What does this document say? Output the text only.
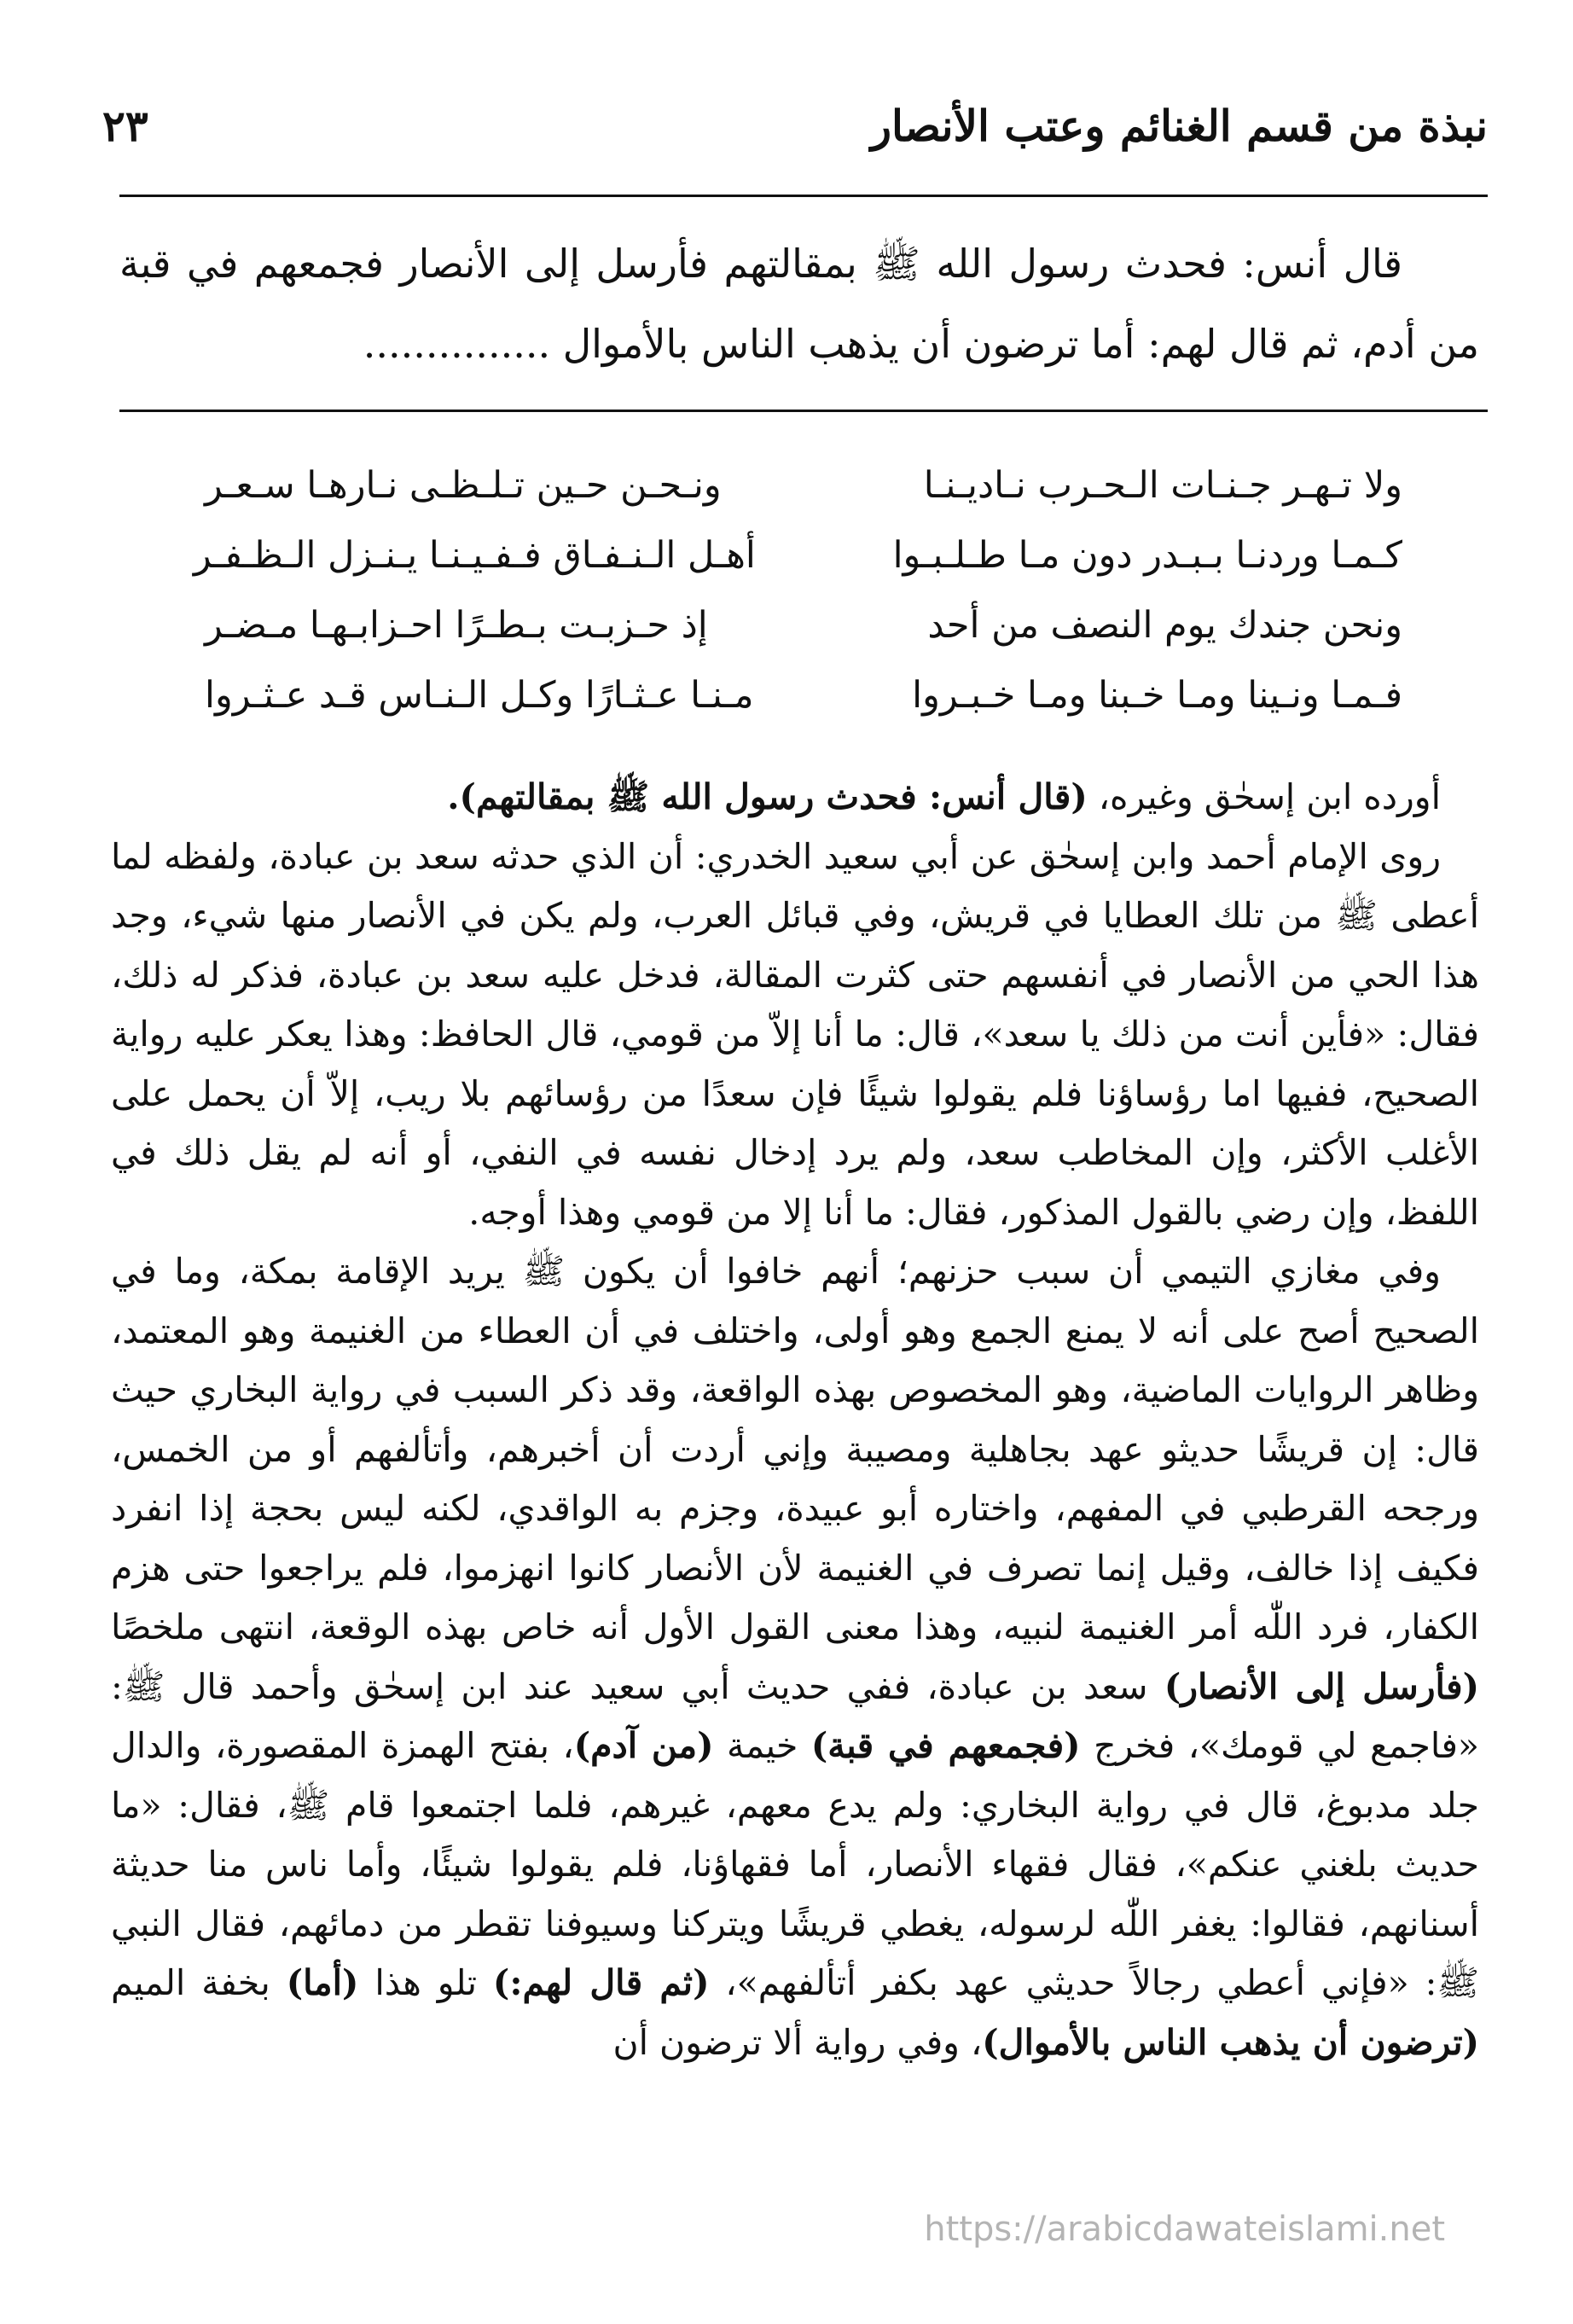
نبذة من قسم الغنائم وعتب الأنصار
٢٣
قال أنس: فحدث رسول الله ﷺ بمقالتهم فأرسل إلى الأنصار فجمعهم في قبة من أدم، ثم قال لهم: أما ترضون أن يذهب الناس بالأموال ...............
ولا تـهـر جـنـات الـحـرب نـاديـنـا
ونـحـن حـين تـلـظـى نـارهـا سـعـر
كـمـا وردنـا بـبـدر دون مـا طـلـبـوا
أهـل الـنـفـاق فـفـيـنـا يـنـزل الـظـفـر
ونحن جندك يوم النصف من أحد
إذ حـزبـت بـطـرًا احـزابـهـا مـضـر
فـمـا ونـينا ومـا خـبنا ومـا خـبـروا
مـنـا عـثـارًا وكـل الـنـاس قـد عـثـروا

أورده ابن إسحٰق وغيره، (قال أنس: فحدث رسول الله ﷺ بمقالتهم).

روى الإمام أحمد وابن إسحٰق عن أبي سعيد الخدري: أن الذي حدثه سعد بن عبادة، ولفظه لما أعطى ﷺ من تلك العطايا في قريش، وفي قبائل العرب، ولم يكن في الأنصار منها شيء، وجد هذا الحي من الأنصار في أنفسهم حتى كثرت المقالة، فدخل عليه سعد بن عبادة، فذكر له ذلك، فقال: «فأين أنت من ذلك يا سعد»، قال: ما أنا إلاّ من قومي، قال الحافظ: وهذا يعكر عليه رواية الصحيح، ففيها اما رؤساؤنا فلم يقولوا شيئًا فإن سعدًا من رؤسائهم بلا ريب، إلاّ أن يحمل على الأغلب الأكثر، وإن المخاطب سعد، ولم يرد إدخال نفسه في النفي، أو أنه لم يقل ذلك في اللفظ، وإن رضي بالقول المذكور، فقال: ما أنا إلا من قومي وهذا أوجه.

وفي مغازي التيمي أن سبب حزنهم؛ أنهم خافوا أن يكون ﷺ يريد الإقامة بمكة، وما في الصحيح أصح على أنه لا يمنع الجمع وهو أولى، واختلف في أن العطاء من الغنيمة وهو المعتمد، وظاهر الروايات الماضية، وهو المخصوص بهذه الواقعة، وقد ذكر السبب في رواية البخاري حيث قال: إن قريشًا حديثو عهد بجاهلية ومصيبة وإني أردت أن أخبرهم، وأتألفهم أو من الخمس، ورجحه القرطبي في المفهم، واختاره أبو عبيدة، وجزم به الواقدي، لكنه ليس بحجة إذا انفرد فكيف إذا خالف، وقيل إنما تصرف في الغنيمة لأن الأنصار كانوا انهزموا، فلم يراجعوا حتى هزم الكفار، فرد اللّٰه أمر الغنيمة لنبيه، وهذا معنى القول الأول أنه خاص بهذه الوقعة، انتهى ملخصًا (فأرسل إلى الأنصار) سعد بن عبادة، ففي حديث أبي سعيد عند ابن إسحٰق وأحمد قال ﷺ: «فاجمع لي قومك»، فخرج (فجمعهم في قبة) خيمة (من آدم)، بفتح الهمزة المقصورة، والدال جلد مدبوغ، قال في رواية البخاري: ولم يدع معهم، غيرهم، فلما اجتمعوا قام ﷺ، فقال: «ما حديث بلغني عنكم»، فقال فقهاء الأنصار، أما فقهاؤنا، فلم يقولوا شيئًا، وأما ناس منا حديثة أسنانهم، فقالوا: يغفر اللّٰه لرسوله، يغطي قريشًا ويتركنا وسيوفنا تقطر من دمائهم، فقال النبي ﷺ: «فإني أعطي رجالاً حديثي عهد بكفر أتألفهم»، (ثم قال لهم:) تلو هذا (أما) بخفة الميم (ترضون أن يذهب الناس بالأموال)، وفي رواية ألا ترضون أن

https://arabicdawateislami.net
